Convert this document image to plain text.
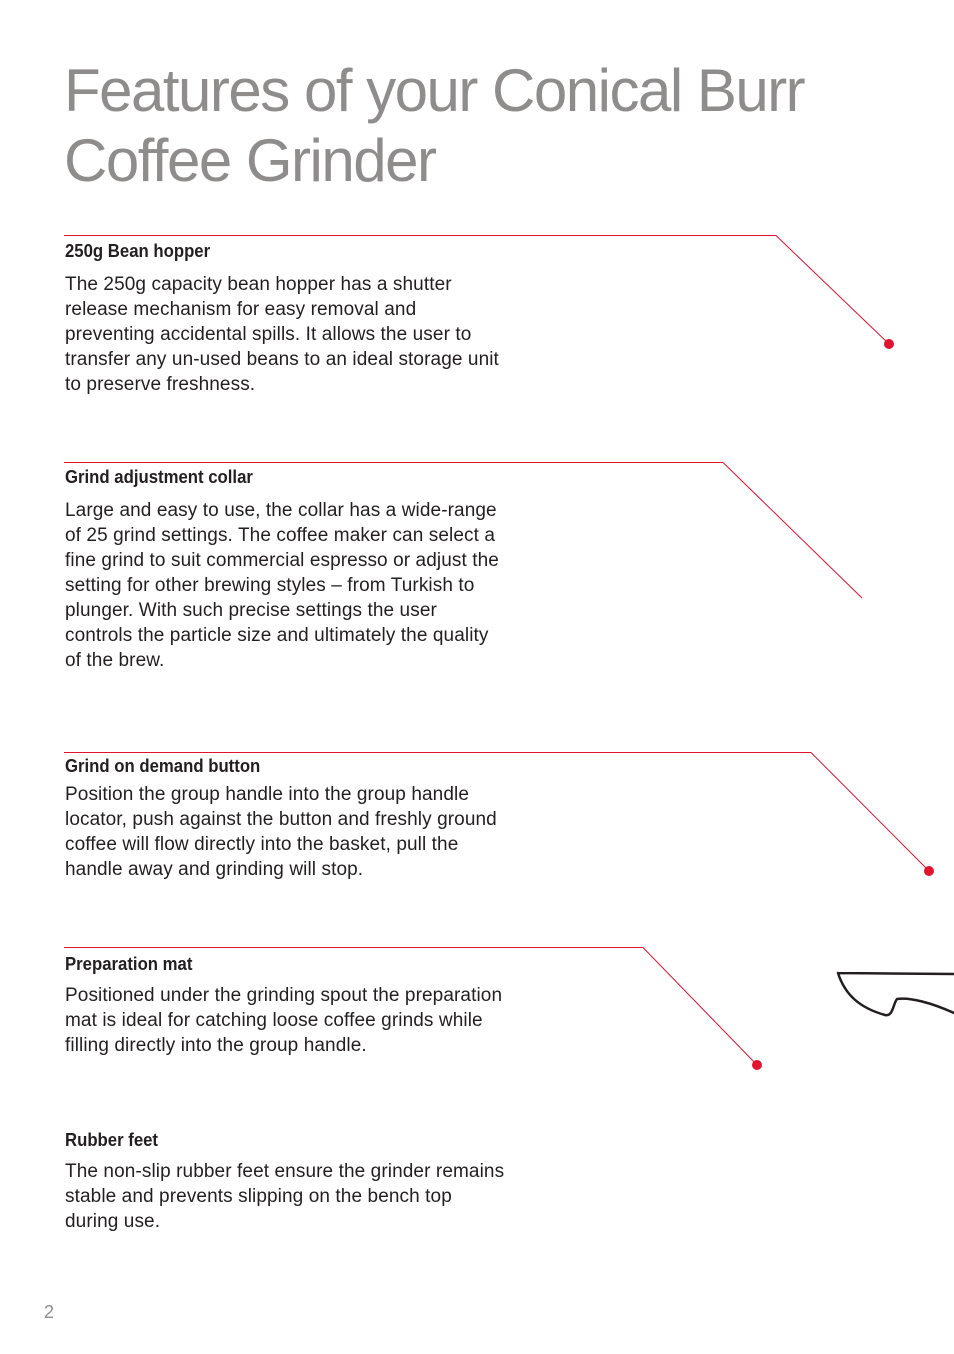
Features of your Conical Burr Coffee Grinder
250g Bean hopper

The 250g capacity bean hopper has a shutter release mechanism for easy removal and preventing accidental spills. It allows the user to transfer any un-used beans to an ideal storage unit to preserve freshness.

Grind adjustment collar

Large and easy to use, the collar has a wide-range of 25 grind settings. The coffee maker can select a fine grind to suit commercial espresso or adjust the setting for other brewing styles – from Turkish to plunger. With such precise settings the user controls the particle size and ultimately the quality of the brew.

Grind on demand button

Position the group handle into the group handle locator, push against the button and freshly ground coffee will flow directly into the basket, pull the handle away and grinding will stop.

Preparation mat

Positioned under the grinding spout the preparation mat is ideal for catching loose coffee grinds while filling directly into the group handle.

Rubber feet

The non-slip rubber feet ensure the grinder remains stable and prevents slipping on the bench top during use.

2
